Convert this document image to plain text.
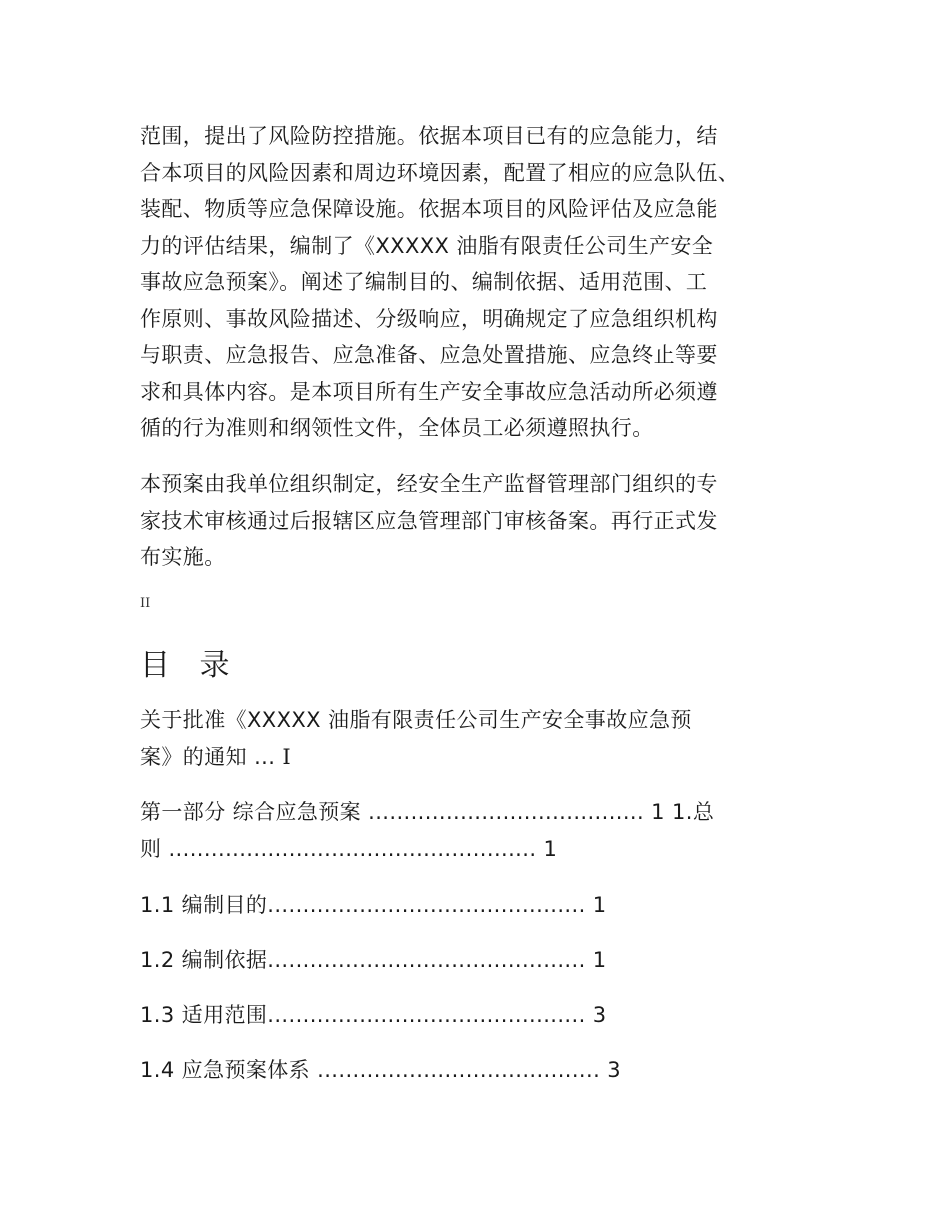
范围，提出了风险防控措施。依据本项目已有的应急能力，结
合本项目的风险因素和周边环境因素，配置了相应的应急队伍、
装配、物质等应急保障设施。依据本项目的风险评估及应急能
力的评估结果，编制了《XXXXX 油脂有限责任公司生产安全
事故应急预案》。阐述了编制目的、编制依据、适用范围、工
作原则、事故风险描述、分级响应，明确规定了应急组织机构
与职责、应急报告、应急准备、应急处置措施、应急终止等要
求和具体内容。是本项目所有生产安全事故应急活动所必须遵
循的行为准则和纲领性文件，全体员工必须遵照执行。

本预案由我单位组织制定，经安全生产监督管理部门组织的专
家技术审核通过后报辖区应急管理部门审核备案。再行正式发
布实施。

II
目 录
关于批准《XXXXX 油脂有限责任公司生产安全事故应急预
案》的通知 ... I
第一部分 综合应急预案 ....................................... 1 1.总
则 .................................................... 1
1.1 编制目的............................................. 1
1.2 编制依据............................................. 1
1.3 适用范围............................................. 3
1.4 应急预案体系 ........................................ 3
